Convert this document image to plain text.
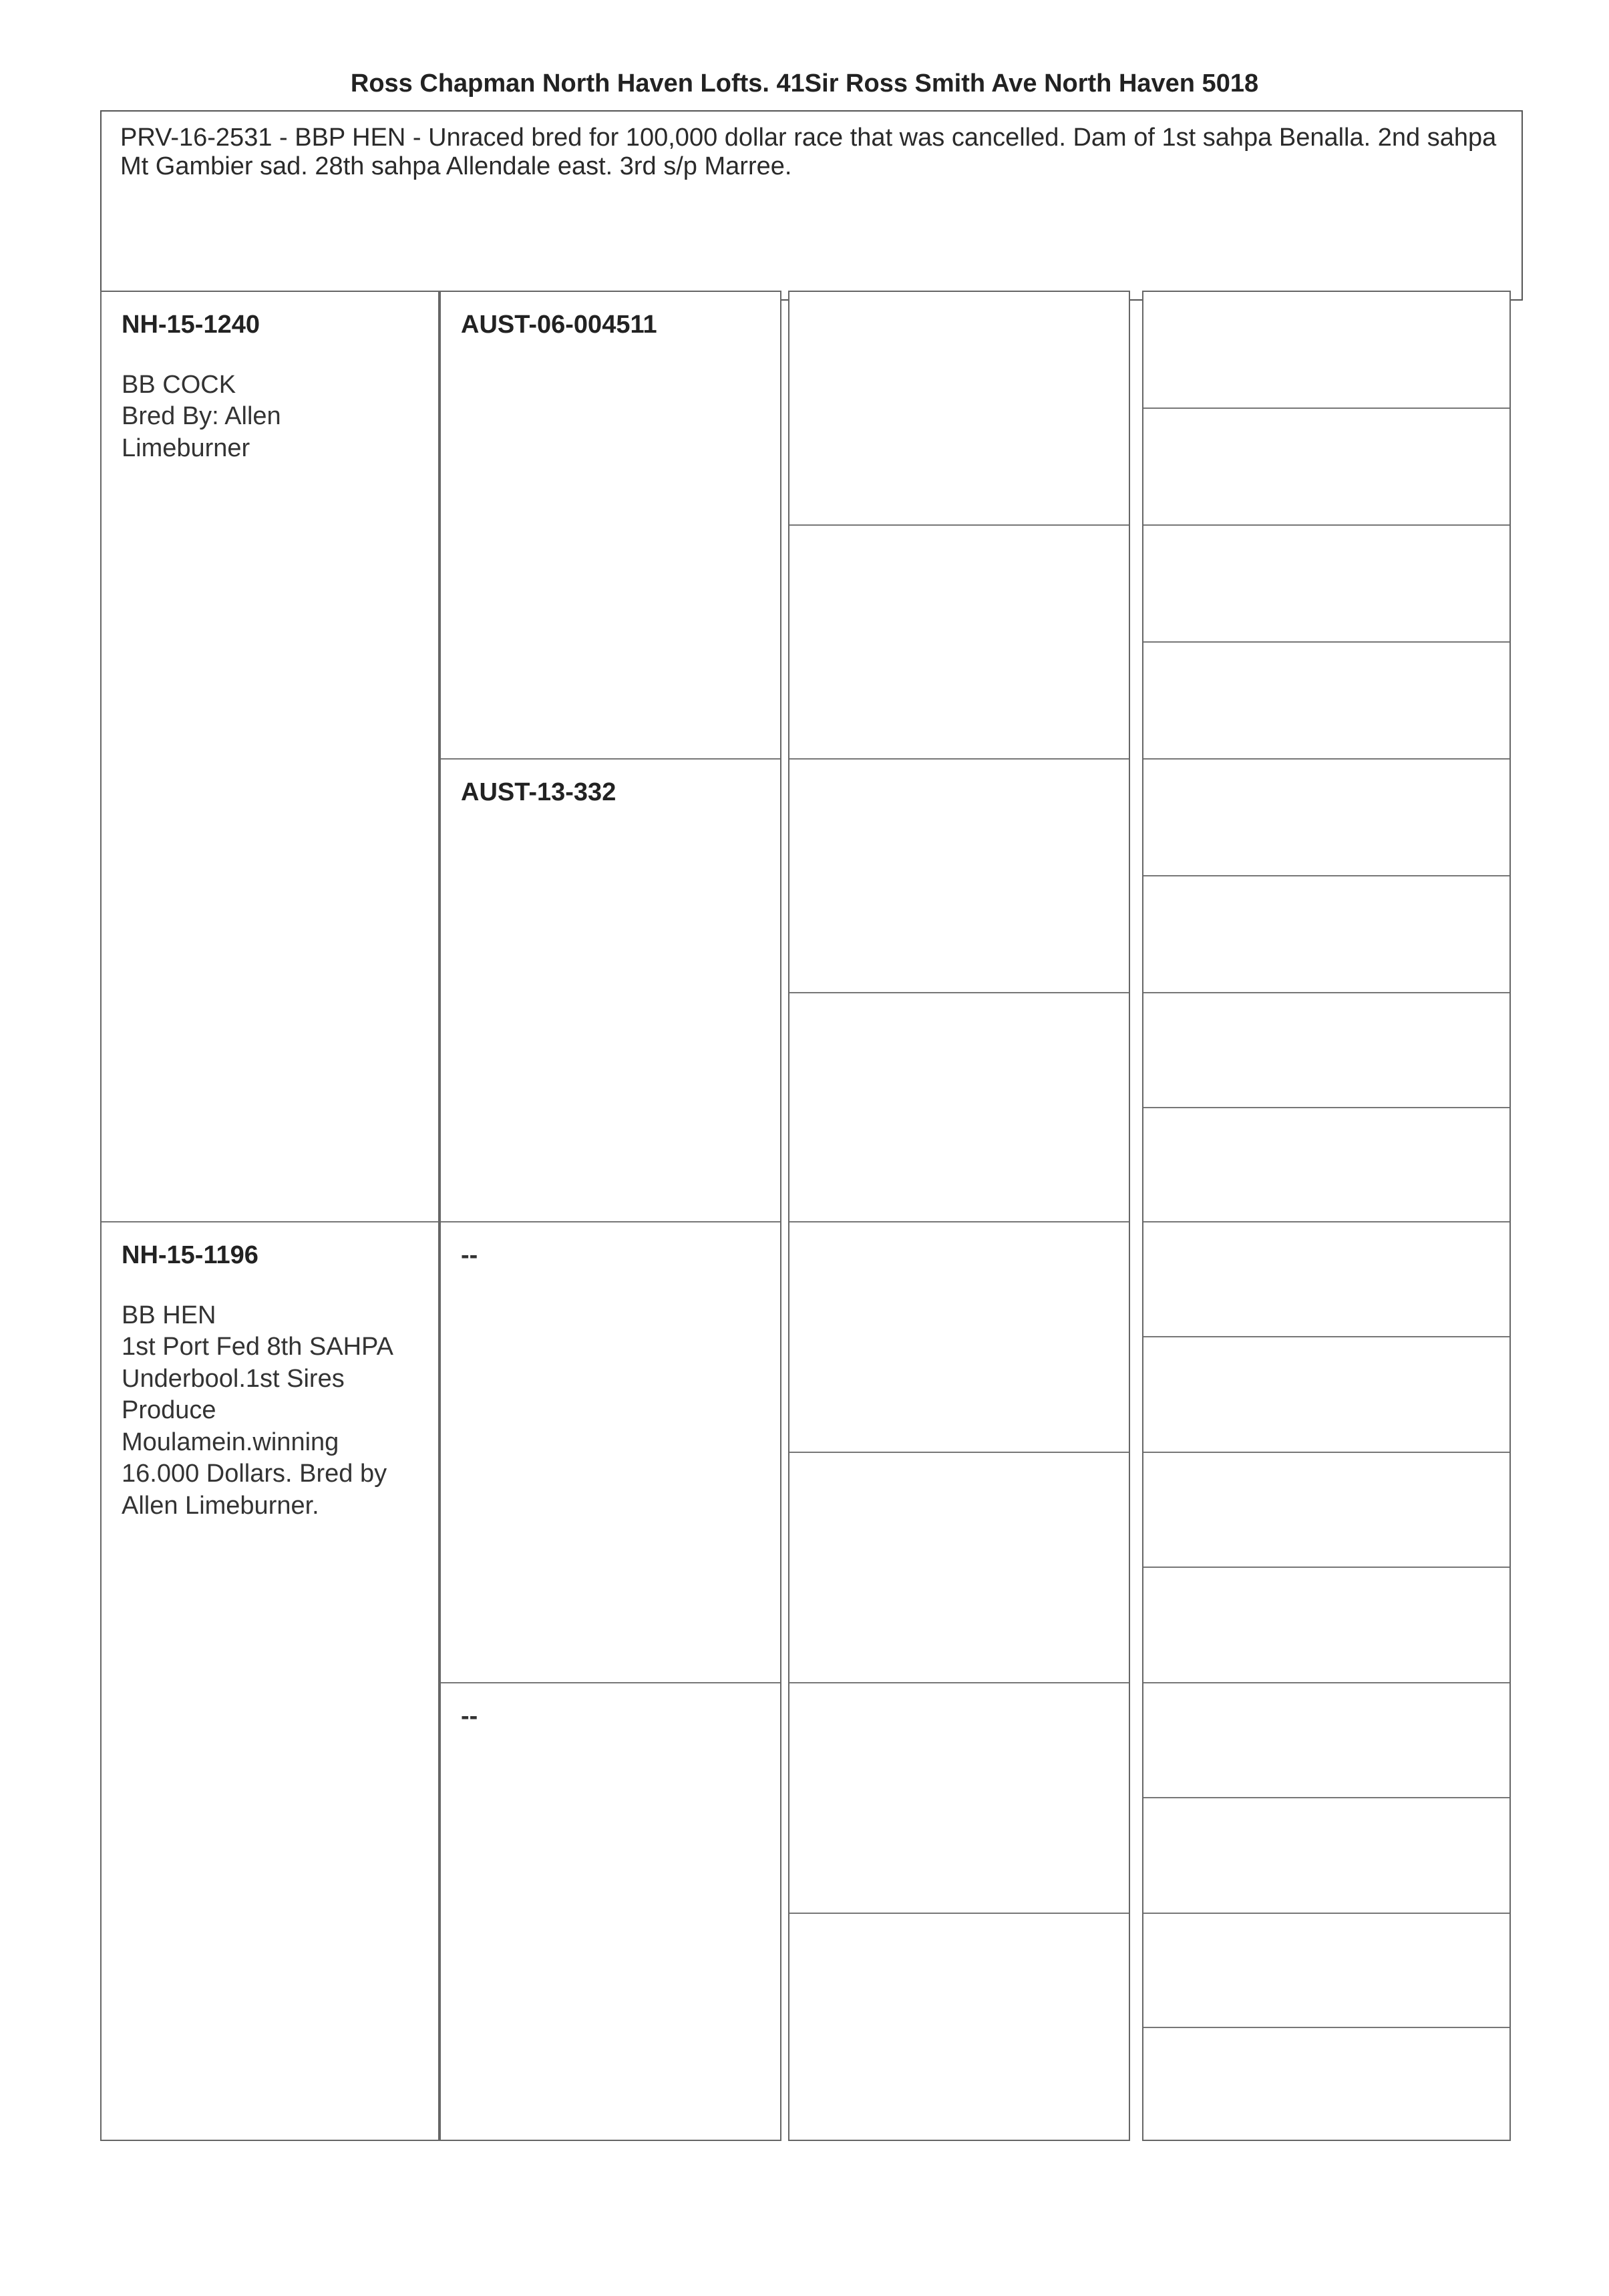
Ross Chapman North Haven Lofts. 41Sir Ross Smith Ave North Haven 5018
PRV-16-2531 - BBP HEN - Unraced bred for 100,000 dollar race that was cancelled. Dam of 1st sahpa Benalla. 2nd sahpa Mt Gambier sad. 28th sahpa Allendale east. 3rd s/p Marree.
NH-15-1240
BB COCK
Bred By: Allen
Limeburner
NH-15-1196
BB HEN
1st Port Fed 8th SAHPA
Underbool.1st Sires
Produce
Moulamein.winning
16.000 Dollars. Bred by
Allen Limeburner.
AUST-06-004511
AUST-13-332
--
--
